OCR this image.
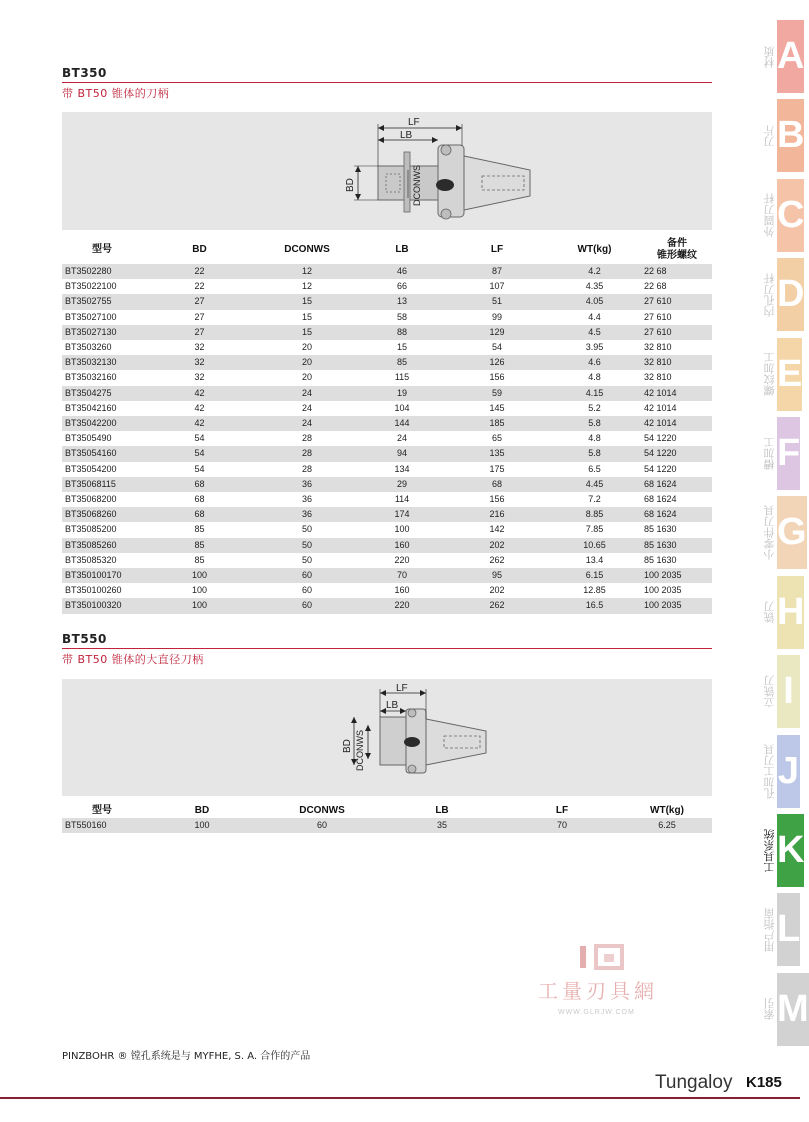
BT350
带 BT50 锥体的刀柄
LF
LB
BD	DCONWS
型号	BD	DCONWS	LB	LF	WT(kg)	备件
锥形螺纹

BT3502280	22	12	46	87	4.2	22 68
BT35022100	22	12	66	107	4.35	22 68
BT3502755	27	15	13	51	4.05	27 610
BT35027100	27	15	58	99	4.4	27 610
BT35027130	27	15	88	129	4.5	27 610
BT3503260	32	20	15	54	3.95	32 810
BT35032130	32	20	85	126	4.6	32 810
BT35032160	32	20	115	156	4.8	32 810
BT3504275	42	24	19	59	4.15	42 1014
BT35042160	42	24	104	145	5.2	42 1014
BT35042200	42	24	144	185	5.8	42 1014
BT3505490	54	28	24	65	4.8	54 1220
BT35054160	54	28	94	135	5.8	54 1220
BT35054200	54	28	134	175	6.5	54 1220
BT35068115	68	36	29	68	4.45	68 1624
BT35068200	68	36	114	156	7.2	68 1624
BT35068260	68	36	174	216	8.85	68 1624
BT35085200	85	50	100	142	7.85	85 1630
BT35085260	85	50	160	202	10.65	85 1630
BT35085320	85	50	220	262	13.4	85 1630
BT350100170	100	60	70	95	6.15	100 2035
BT350100260	100	60	160	202	12.85	100 2035
BT350100320	100	60	220	262	16.5	100 2035
BT550
带 BT50 锥体的大直径刀柄
LF
LB
BD DCONWS
型号	BD	DCONWS	LB	LF	WT(kg)
BT550160	100	60	35	70	6.25
材质 A
刀片 B
外圆刀杆 C
内孔刀杆 D
螺纹加工 E
槽加工 F
小零件刀具 G
铣刀 H
立铣刀 I
孔加工刀具 J
工具系统 K
用户指南 L
索引 M
工量刃具網
WWW.GLRJW.COM
PINZBOHR ® 镗孔系统是与 MYFHE, S. A. 合作的产品
Tungaloy K185
